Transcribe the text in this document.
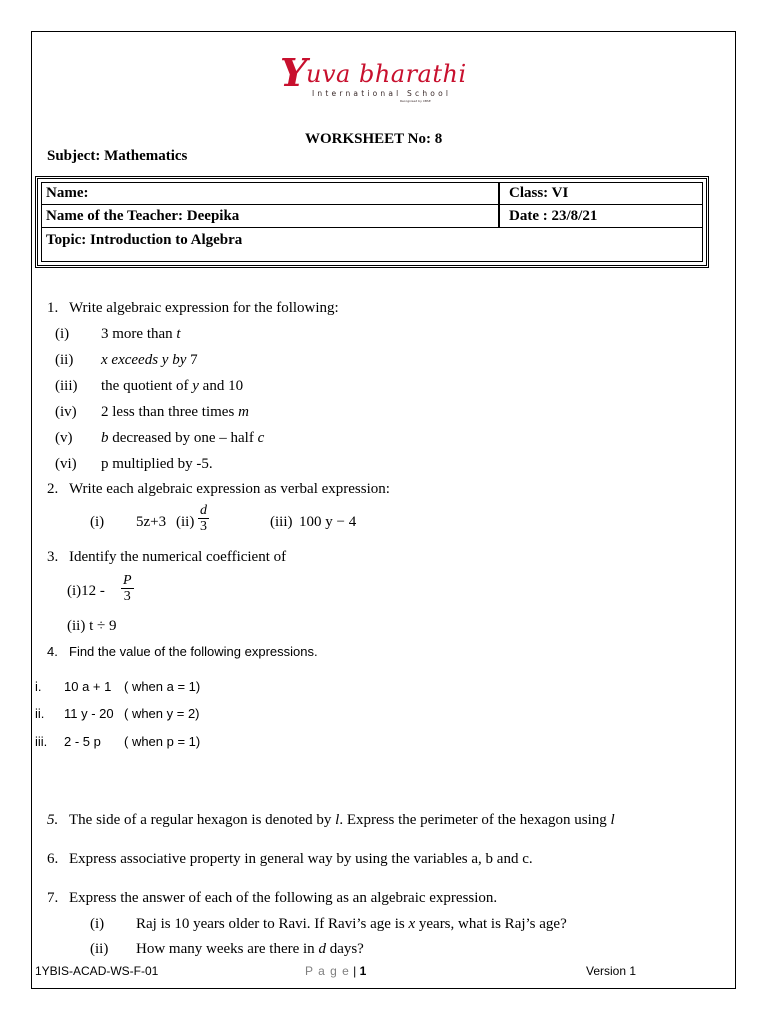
Y
uva bharathi
International School
Recognised by CBSE
WORKSHEET No: 8
Subject: Mathematics
Name:	Class: VI
Name of the Teacher: Deepika	Date : 23/8/21
Topic: Introduction to Algebra
1. Write algebraic expression for the following:
(i) 3 more than t
(ii) x exceeds y by 7
(iii) the quotient of y and 10
(iv) 2 less than three times m
(v) b decreased by one – half c
(vi) p multiplied by -5.
2. Write each algebraic expression as verbal expression:
(i) 5z+3 $(ii) \frac{d}{3}$	(iii) 100 y − 4
3. Identify the numerical coefficient of
$(i)12 - \frac{P}{3}$
(ii) t ÷ 9
4. Find the value of the following expressions.
i. 10 a + 1 ( when a = 1)
ii. 11 y - 20 ( when y = 2)
iii. 2 - 5 p ( when p = 1)
5. The side of a regular hexagon is denoted by l. Express the perimeter of the hexagon using l
6. Express associative property in general way by using the variables a, b and c.
7. Express the answer of each of the following as an algebraic expression.
(i) Raj is 10 years older to Ravi. If Ravi’s age is x years, what is Raj’s age?
(ii) How many weeks are there in d days?
1YBIS-ACAD-WS-F-01	P a g e | 1	Version 1
